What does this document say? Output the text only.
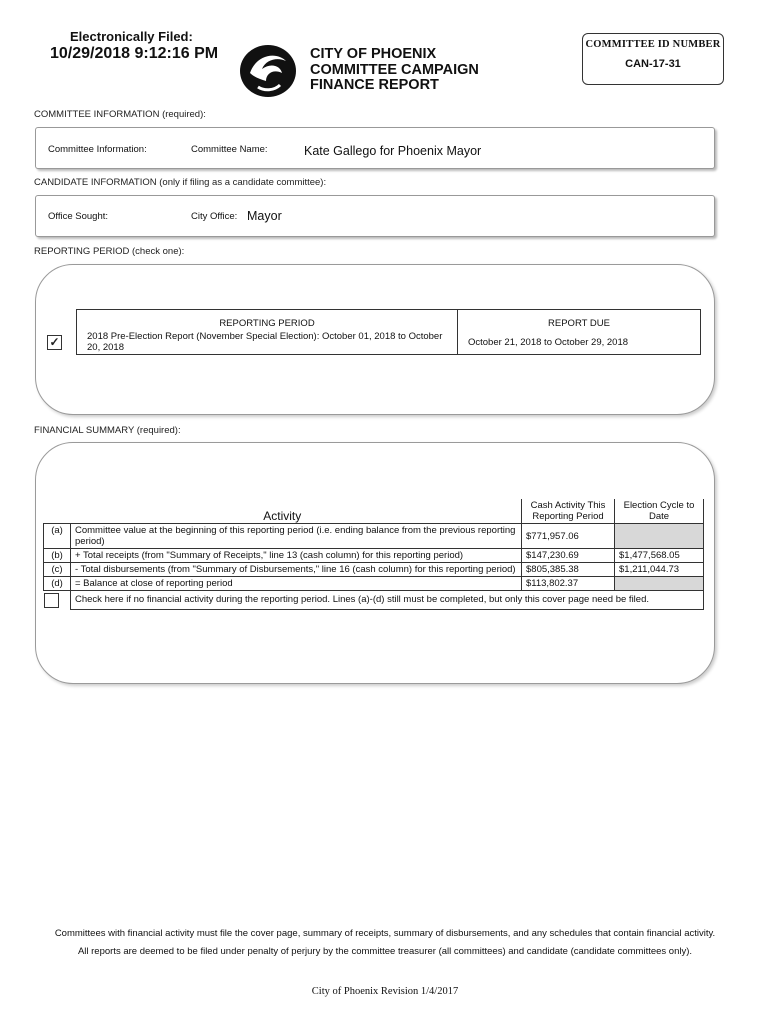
Electronically Filed:
10/29/2018 9:12:16 PM	CITY OF PHOENIX
COMMITTEE CAMPAIGN
FINANCE REPORT
COMMITTEE ID NUMBER
CAN-17-31
COMMITTEE INFORMATION (required):
Committee Information:	Committee Name:	Kate Gallego for Phoenix Mayor
CANDIDATE INFORMATION (only if filing as a candidate committee):
Office Sought:	City Office: Mayor
REPORTING PERIOD (check one):
✓
REPORTING PERIOD	REPORT DUE
2018 Pre-Election Report (November Special Election): October 01, 2018 to October 20, 2018	October 21, 2018 to October 29, 2018
FINANCIAL SUMMARY (required):
Activity		Cash Activity This Reporting Period	Election Cycle to Date
(a)	Committee value at the beginning of this reporting period (i.e. ending balance from the previous reporting period)	$771,957.06	
(b)	+ Total receipts (from "Summary of Receipts," line 13 (cash column) for this reporting period)	$147,230.69	$1,477,568.05
(c)	- Total disbursements (from "Summary of Disbursements," line 16 (cash column) for this reporting period)	$805,385.38	$1,211,044.73
(d)	= Balance at close of reporting period	$113,802.37	

	Check here if no financial activity during the reporting period. Lines (a)-(d) still must be completed, but only this cover page need be filed.		
Committees with financial activity must file the cover page, summary of receipts, summary of disbursements, and any schedules that contain financial activity.
All reports are deemed to be filed under penalty of perjury by the committee treasurer (all committees) and candidate (candidate committees only).
City of Phoenix Revision 1/4/2017
